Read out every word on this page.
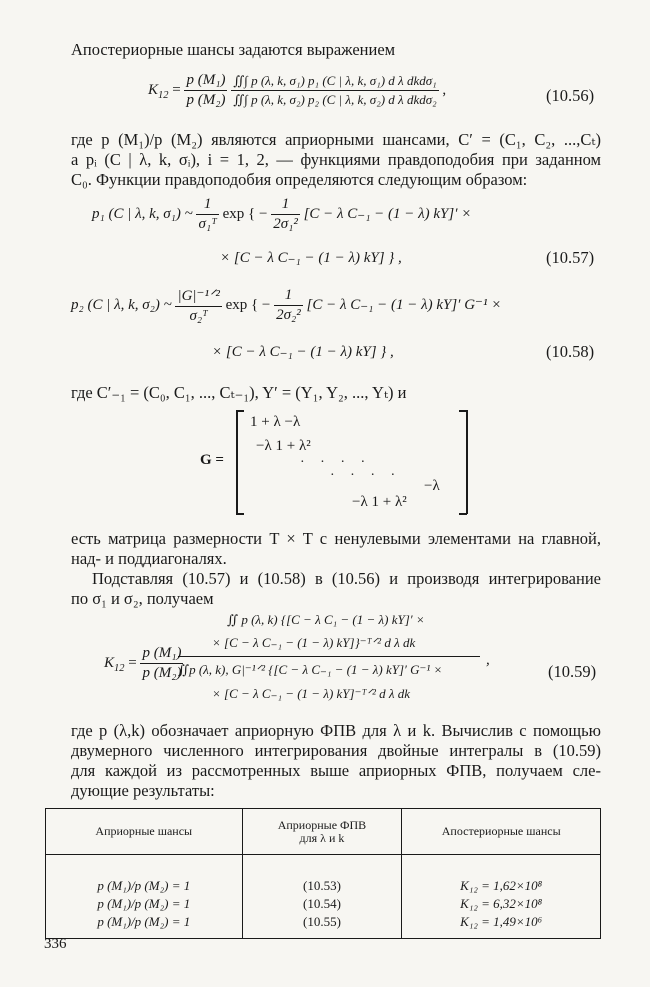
Апостериорные шансы задаются выражением
$K_{12} = \frac{\text{p (M₁)}}{\text{p (M₂)}}$
$\frac{\text{∬∫ p (λ, k, σ₁) p₁ (C | λ, k, σ₁) d λ dkdσ₁}}{\text{∬∫ p (λ, k, σ₂) p₂ (C | λ, k, σ₂) d λ dkdσ₂}}$ ,	(10.56)
где p (M₁)/p (M₂) являются априорными шансами, C′ = (C₁, C₂, ...,Cₜ)
а pᵢ (C | λ, k, σᵢ), i = 1, 2, — функциями правдоподобия при заданном
C₀. Функции правдоподобия определяются следующим образом:
p₁ (C | λ, k, σ₁) ~ $\frac{1}{\text{σ₁ᵀ}}$ exp { − $\frac{1}{\text{2σ₁²}} [C - \lambda$ C₋₁ − (1 − λ) kY]′ ×
× [C − λ C₋₁ − (1 − λ) kY] } ,	(10.57)
p₂ (C | λ, k, σ₂) ~ $\frac{\text{|G|⁻¹ᐟ²}}{\text{σ₂ᵀ}}$ exp { − $\frac{1}{\text{2σ₂²}} [C - \lambda$ C₋₁ − (1 − λ) kY]′ G⁻¹ ×
× [C − λ C₋₁ − (1 − λ) kY] } ,	(10.58)
где C′₋₁ = (C₀, C₁, ..., Cₜ₋₁), Y′ = (Y₁, Y₂, ..., Yₜ) и
G =
1 + λ −λ
−λ 1 + λ²
· · · ·
· · · ·
−λ
−λ 1 + λ²
есть матрица размерности T × T с ненулевыми элементами на главной,
над- и поддиагоналях.
Подставляя (10.57) и (10.58) в (10.56) и производя интегрирование
по σ₁ и σ₂, получаем
∬ p (λ, k) {[C − λ C₁ − (1 − λ) kY]′ ×
× [C − λ C₋₁ − (1 − λ) kY]}⁻ᵀᐟ² d λ dk
∬p (λ, k), G|⁻¹ᐟ² {[C − λ C₋₁ − (1 − λ) kY]′ G⁻¹ ×
× [C − λ C₋₁ − (1 − λ) kY]⁻ᵀᐟ² d λ dk
$K_{12} = \frac{\text{p (M₁)}}{\text{p (M₂)}}$	,
(10.59)
где p (λ,k) обозначает априорную ФПВ для λ и k. Вычислив с помощью
двумерного численного интегрирования двойные интегралы в (10.59)
для каждой из рассмотренных выше априорных ФПВ, получаем сле-
дующие результаты:
Априорные шансы	Априорные ФПВ для λ и k	Апостериорные шансы

p (M₁)/p (M₂) = 1	(10.53)	K₁₂ = 1,62×10⁸
p (M₁)/p (M₂) = 1	(10.54)	K₁₂ = 6,32×10⁸
p (M₁)/p (M₂) = 1	(10.55)	K₁₂ = 1,49×10⁶

336
